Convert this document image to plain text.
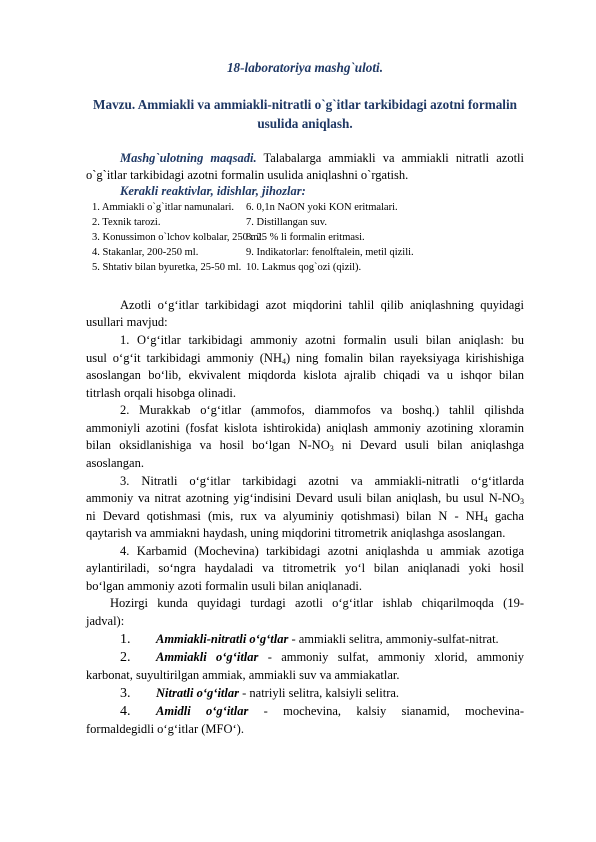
18-laboratoriya mashg`uloti.
Mavzu. Ammiakli va ammiakli-nitratli o`g`itlar tarkibidagi azotni formalin
usulida aniqlash.
Mashg`ulotning maqsadi. Talabalarga ammiakli va ammiakli nitratli azotli
o`g`itlar tarkibidagi azotni formalin usulida aniqlashni o`rgatish.
Kerakli reaktivlar, idishlar, jihozlar:
1. Ammiakli o`g`itlar namunalari.
2. Texnik tarozi.
3. Konussimon o`lchov kolbalar, 250 ml.
4. Stakanlar, 200-250 ml.
5. Shtativ bilan byuretka, 25-50 ml.
6. 0,1n NaON yoki KON eritmalari.
7. Distillangan suv.
8. 25 % li formalin eritmasi.
9. Indikatorlar: fenolftalein, metil qizili.
10. Lakmus qog`ozi (qizil).
Azotli o‘g‘itlar tarkibidagi azot miqdorini tahlil qilib aniqlashning quyidagi
usullari mavjud:
1. O‘g‘itlar tarkibidagi ammoniy azotni formalin usuli bilan aniqlash: bu
usul o‘g‘it tarkibidagi ammoniy $(NH_4)$ ning fomalin bilan rayeksiyaga kirishishiga
asoslangan bo‘lib, ekvivalent miqdorda kislota ajralib chiqadi va u ishqor bilan
titrlash orqali hisobga olinadi.
2. Murakkab o‘g‘itlar (ammofos, diammofos va boshq.) tahlil qilishda
ammoniyli azotini (fosfat kislota ishtirokida) aniqlash ammoniy azotining xloramin
bilan oksidlanishiga va hosil bo‘lgan $N-NO_3$ ni Devard usuli bilan aniqlashga
asoslangan.
3. Nitratli o‘g‘itlar tarkibidagi azotni va ammiakli-nitratli o‘g‘itlarda
ammoniy va nitrat azotning yig‘indisini Devard usuli bilan aniqlash, bu usul $N-NO_3$
ni Devard qotishmasi (mis, rux va alyuminiy qotishmasi) bilan N - $NH_4$ gacha
qaytarish va ammiakni haydash, uning miqdorini titrometrik aniqlashga asoslangan.
4. Karbamid (Mochevina) tarkibidagi azotni aniqlashda u ammiak azotiga
aylantiriladi, so‘ngra haydaladi va titrometrik yo‘l bilan aniqlanadi yoki hosil
bo‘lgan ammoniy azoti formalin usuli bilan aniqlanadi.
Hozirgi kunda quyidagi turdagi azotli o‘g‘itlar ishlab chiqarilmoqda (19-
jadval):
1. Ammiakli-nitratli o‘g‘tlar - ammiakli selitra, ammoniy-sulfat-nitrat.
2. Ammiakli o‘g‘itlar - ammoniy sulfat, ammoniy xlorid, ammoniy
karbonat, suyultirilgan ammiak, ammiakli suv va ammiakatlar.
3. Nitratli o‘g‘itlar - natriyli selitra, kalsiyli selitra.
4. Amidli o‘g‘itlar - mochevina, kalsiy sianamid, mochevina-
formaldegidli o‘g‘itlar (MFO‘).
